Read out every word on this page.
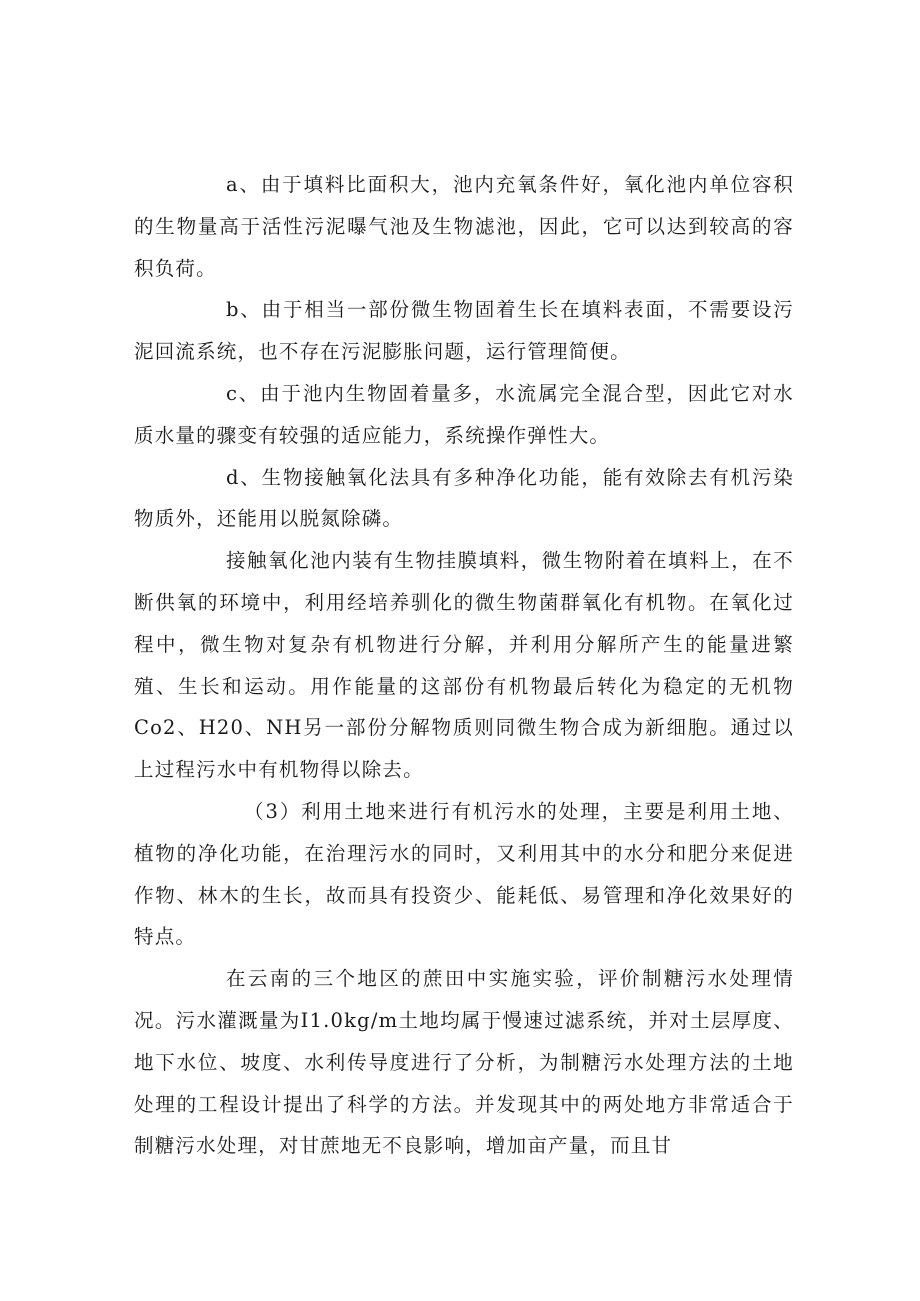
a、由于填料比面积大，池内充氧条件好，氧化池内单位容积的生物量高于活性污泥曝气池及生物滤池，因此，它可以达到较高的容积负荷。

b、由于相当一部份微生物固着生长在填料表面，不需要设污泥回流系统，也不存在污泥膨胀问题，运行管理简便。

c、由于池内生物固着量多，水流属完全混合型，因此它对水质水量的骤变有较强的适应能力，系统操作弹性大。

d、生物接触氧化法具有多种净化功能，能有效除去有机污染物质外，还能用以脱氮除磷。

接触氧化池内装有生物挂膜填料，微生物附着在填料上，在不断供氧的环境中，利用经培养驯化的微生物菌群氧化有机物。在氧化过程中，微生物对复杂有机物进行分解，并利用分解所产生的能量进繁殖、生长和运动。用作能量的这部份有机物最后转化为稳定的无机物Co2、H20、NH另一部份分解物质则同微生物合成为新细胞。通过以上过程污水中有机物得以除去。

（3）利用土地来进行有机污水的处理，主要是利用土地、植物的净化功能，在治理污水的同时，又利用其中的水分和肥分来促进作物、林木的生长，故而具有投资少、能耗低、易管理和净化效果好的特点。

在云南的三个地区的蔗田中实施实验，评价制糖污水处理情况。污水灌溉量为I1.0kg/m土地均属于慢速过滤系统，并对土层厚度、地下水位、坡度、水利传导度进行了分析，为制糖污水处理方法的土地处理的工程设计提出了科学的方法。并发现其中的两处地方非常适合于制糖污水处理，对甘蔗地无不良影响，增加亩产量，而且甘
